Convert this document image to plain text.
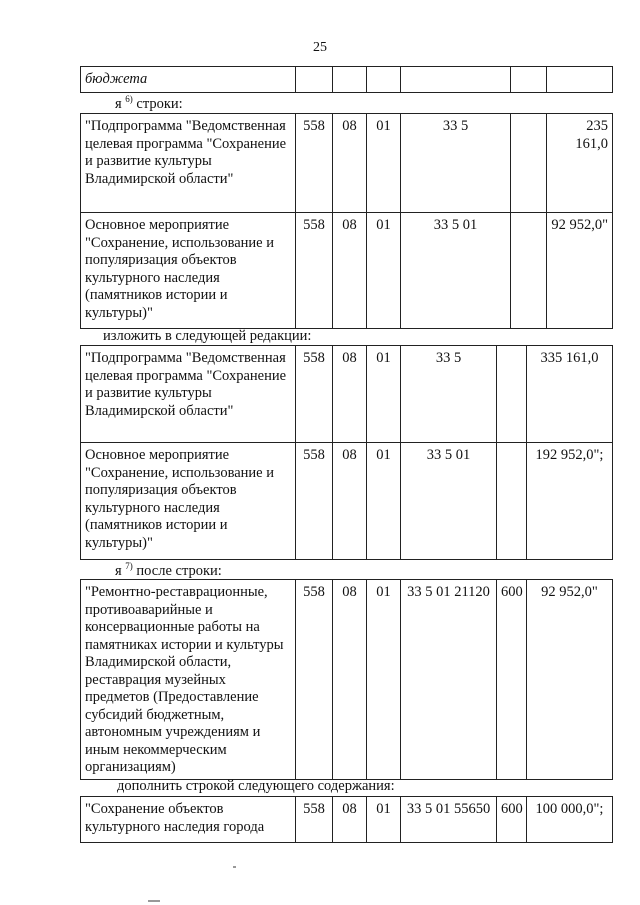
25
бюджета						
я $^{6)}$ строки:
"Подпрограмма "Ведомственная целевая программа "Сохранение и развитие культуры Владимирской области"	558	08	01	33 5		235 161,0
Основное мероприятие "Сохранение, использование и популяризация объектов культурного наследия (памятников истории и культуры)"	558	08	01	33 5 01		92 952,0"
изложить в следующей редакции:
"Подпрограмма "Ведомственная целевая программа "Сохранение и развитие культуры Владимирской области"	558	08	01	33 5		335 161,0
Основное мероприятие "Сохранение, использование и популяризация объектов культурного наследия (памятников истории и культуры)"	558	08	01	33 5 01		192 952,0";
я $^{7)}$ после строки:
"Ремонтно-реставрационные, противоаварийные и консервационные работы на памятниках истории и культуры Владимирской области, реставрация музейных предметов (Предоставление субсидий бюджетным, автономным учреждениям и иным некоммерческим организациям)	558	08	01	33 5 01 21120	600	92 952,0"
дополнить строкой следующего содержания:
"Сохранение объектов культурного наследия города	558	08	01	33 5 01 55650	600	100 000,0";
